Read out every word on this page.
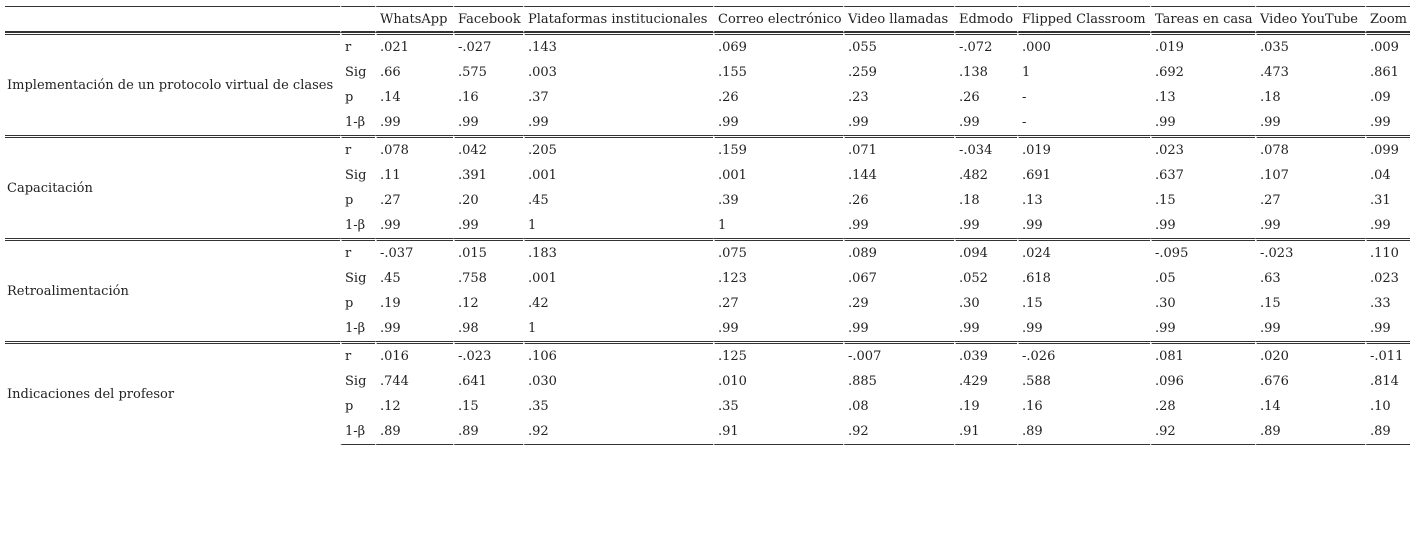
		WhatsApp	Facebook	Plataformas institucionales	Correo electrónico	Video llamadas	Edmodo	Flipped Classroom	Tareas en casa	Video YouTube	Zoom
Implementación de un protocolo virtual de clases	r	.021	-.027	.143	.069	.055	-.072	.000	.019	.035	.009
	Sig	.66	.575	.003	.155	.259	.138	1	.692	.473	.861
	p	.14	.16	.37	.26	.23	.26	-	.13	.18	.09
	1-β	.99	.99	.99	.99	.99	.99	-	.99	.99	.99
Capacitación	r	.078	.042	.205	.159	.071	-.034	.019	.023	.078	.099
	Sig	.11	.391	.001	.001	.144	.482	.691	.637	.107	.04
	p	.27	.20	.45	.39	.26	.18	.13	.15	.27	.31
	1-β	.99	.99	1	1	.99	.99	.99	.99	.99	.99
Retroalimentación	r	-.037	.015	.183	.075	.089	.094	.024	-.095	-.023	.110
	Sig	.45	.758	.001	.123	.067	.052	.618	.05	.63	.023
	p	.19	.12	.42	.27	.29	.30	.15	.30	.15	.33
	1-β	.99	.98	1	.99	.99	.99	.99	.99	.99	.99
Indicaciones del profesor	r	.016	-.023	.106	.125	-.007	.039	-.026	.081	.020	-.011
	Sig	.744	.641	.030	.010	.885	.429	.588	.096	.676	.814
	p	.12	.15	.35	.35	.08	.19	.16	.28	.14	.10
	1-β	.89	.89	.92	.91	.92	.91	.89	.92	.89	.89
